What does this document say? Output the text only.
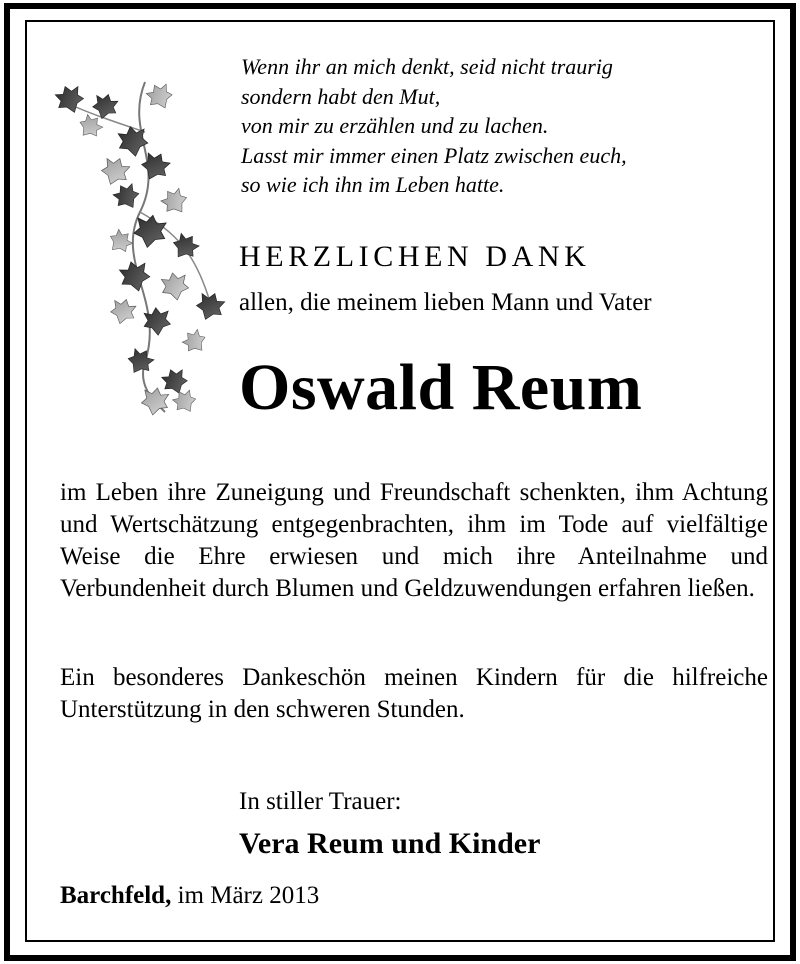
Wenn ihr an mich denkt, seid nicht traurig
sondern habt den Mut,
von mir zu erzählen und zu lachen.
Lasst mir immer einen Platz zwischen euch,
so wie ich ihn im Leben hatte.
HERZLICHEN DANK
allen, die meinem lieben Mann und Vater
Oswald Reum
im Leben ihre Zuneigung und Freundschaft schenkten, ihm Achtung und Wertschätzung entgegenbrachten, ihm im Tode auf vielfältige Weise die Ehre erwiesen und mich ihre Anteilnahme und Verbundenheit durch Blumen und Geldzuwendungen erfahren ließen.
Ein besonderes Dankeschön meinen Kindern für die hilfreiche Unterstützung in den schweren Stunden.
In stiller Trauer:
Vera Reum und Kinder
Barchfeld, im März 2013
